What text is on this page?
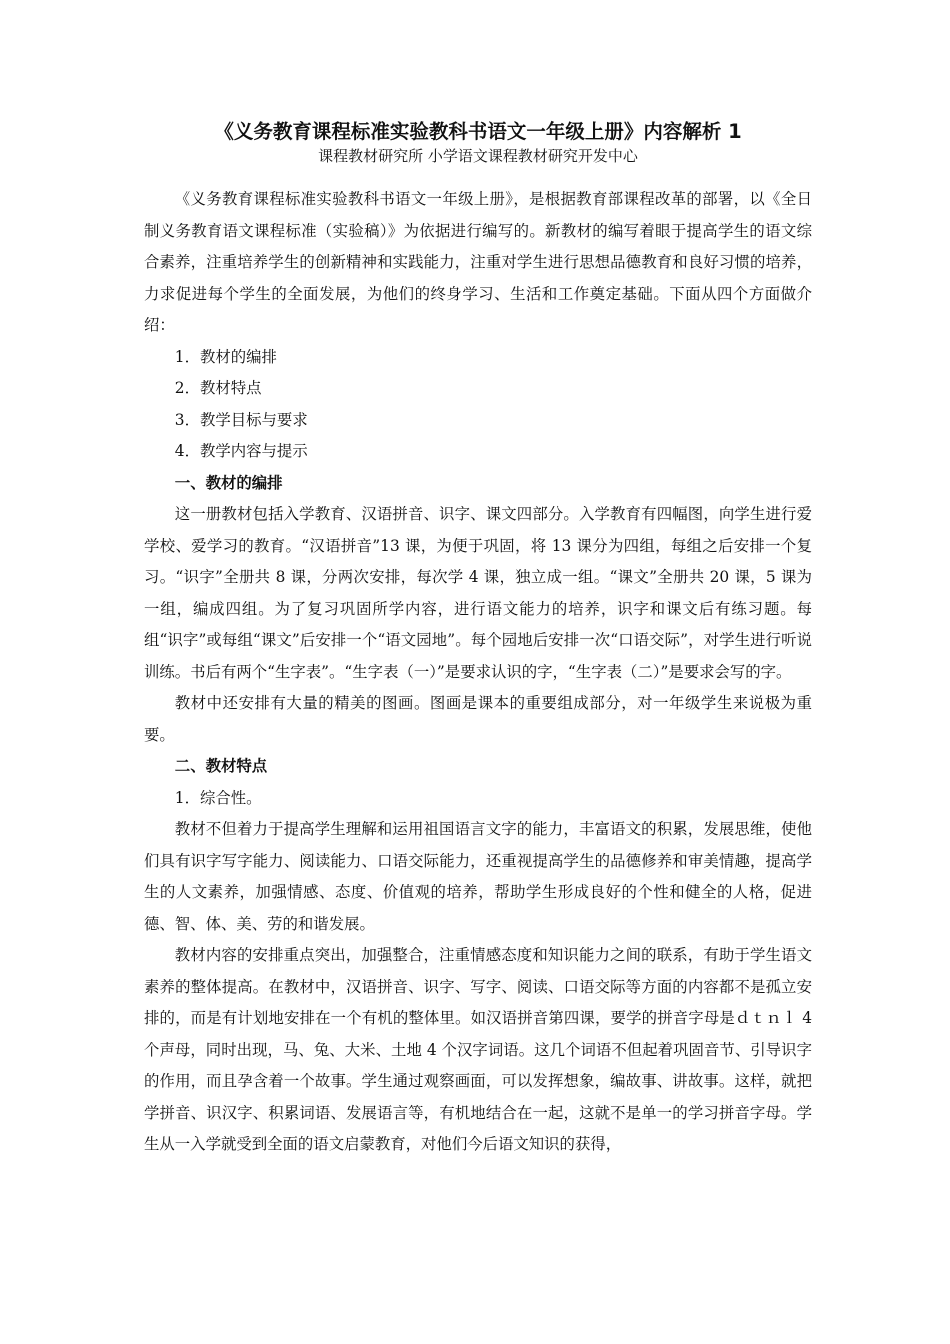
《义务教育课程标准实验教科书语文一年级上册》内容解析 1
课程教材研究所 小学语文课程教材研究开发中心

《义务教育课程标准实验教科书语文一年级上册》，是根据教育部课程改革的部署，以《全日制义务教育语文课程标准（实验稿）》为依据进行编写的。新教材的编写着眼于提高学生的语文综合素养，注重培养学生的创新精神和实践能力，注重对学生进行思想品德教育和良好习惯的培养，力求促进每个学生的全面发展，为他们的终身学习、生活和工作奠定基础。下面从四个方面做介绍：

1．教材的编排

2．教材特点

3．教学目标与要求

4．教学内容与提示

一、教材的编排

这一册教材包括入学教育、汉语拼音、识字、课文四部分。入学教育有四幅图，向学生进行爱学校、爱学习的教育。“汉语拼音”13 课，为便于巩固，将 13 课分为四组，每组之后安排一个复习。“识字”全册共 8 课，分两次安排，每次学 4 课，独立成一组。“课文”全册共 20 课，5 课为一组，编成四组。为了复习巩固所学内容，进行语文能力的培养，识字和课文后有练习题。每组“识字”或每组“课文”后安排一个“语文园地”。每个园地后安排一次“口语交际”，对学生进行听说训练。书后有两个“生字表”。“生字表（一）”是要求认识的字，“生字表（二）”是要求会写的字。

教材中还安排有大量的精美的图画。图画是课本的重要组成部分，对一年级学生来说极为重要。

二、教材特点

1．综合性。

教材不但着力于提高学生理解和运用祖国语言文字的能力，丰富语文的积累，发展思维，使他们具有识字写字能力、阅读能力、口语交际能力，还重视提高学生的品德修养和审美情趣，提高学生的人文素养，加强情感、态度、价值观的培养，帮助学生形成良好的个性和健全的人格，促进德、智、体、美、劳的和谐发展。

教材内容的安排重点突出，加强整合，注重情感态度和知识能力之间的联系，有助于学生语文素养的整体提高。在教材中，汉语拼音、识字、写字、阅读、口语交际等方面的内容都不是孤立安排的，而是有计划地安排在一个有机的整体里。如汉语拼音第四课，要学的拼音字母是ｄｔｎｌ 4 个声母，同时出现，马、兔、大米、土地 4 个汉字词语。这几个词语不但起着巩固音节、引导识字的作用，而且孕含着一个故事。学生通过观察画面，可以发挥想象，编故事、讲故事。这样，就把学拼音、识汉字、积累词语、发展语言等，有机地结合在一起，这就不是单一的学习拼音字母。学生从一入学就受到全面的语文启蒙教育，对他们今后语文知识的获得，
